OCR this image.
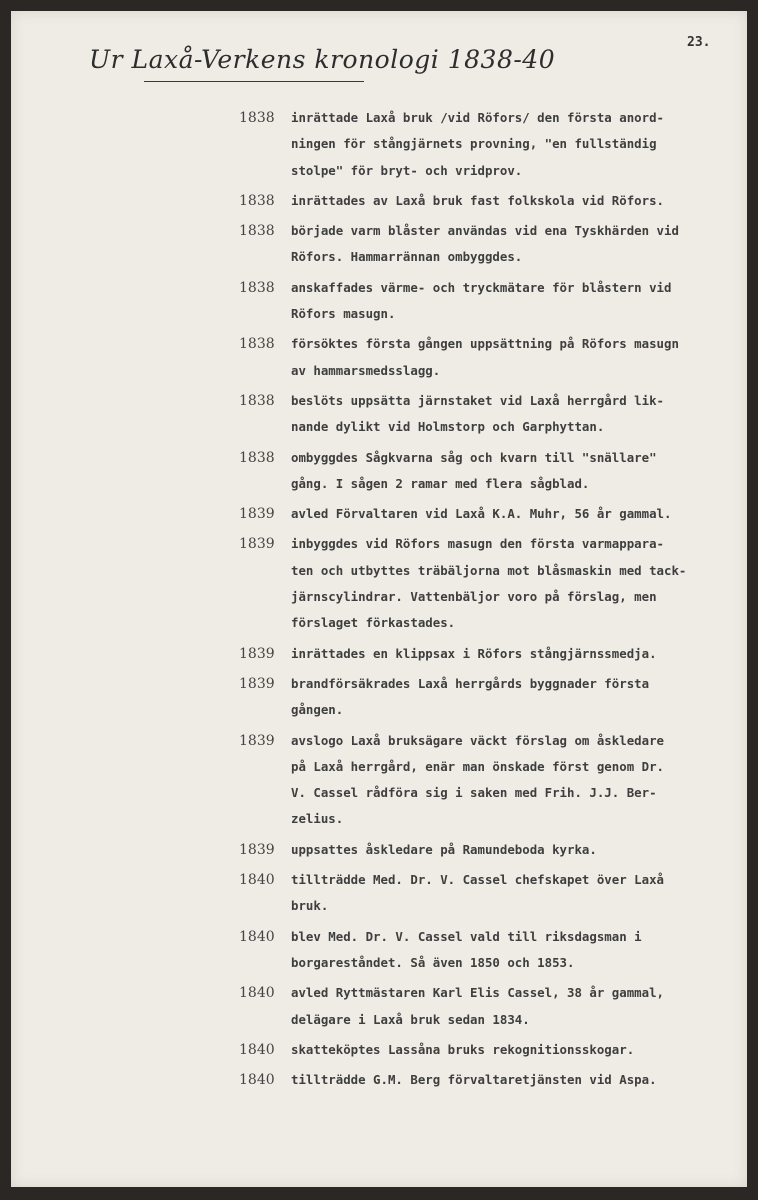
23.
Ur Laxå-Verkens kronologi 1838-40
1838 inrättade Laxå bruk /vid Röfors/ den första anord-
ningen för stångjärnets provning, "en fullständig
stolpe" för bryt- och vridprov.
1838 inrättades av Laxå bruk fast folkskola vid Röfors.
1838 började varm blåster användas vid ena Tyskhärden vid
Röfors. Hammarrännan ombyggdes.
1838 anskaffades värme- och tryckmätare för blåstern vid
Röfors masugn.
1838 försöktes första gången uppsättning på Röfors masugn
av hammarsmedsslagg.
1838 beslöts uppsätta järnstaket vid Laxå herrgård lik-
nande dylikt vid Holmstorp och Garphyttan.
1838 ombyggdes Sågkvarna såg och kvarn till "snällare"
gång. I sågen 2 ramar med flera sågblad.
1839 avled Förvaltaren vid Laxå K.A. Muhr, 56 år gammal.
1839 inbyggdes vid Röfors masugn den första varmappara-
ten och utbyttes träbäljorna mot blåsmaskin med tack-
järnscylindrar. Vattenbäljor voro på förslag, men
förslaget förkastades.
1839 inrättades en klippsax i Röfors stångjärnssmedja.
1839 brandförsäkrades Laxå herrgårds byggnader första
gången.
1839 avslogo Laxå bruksägare väckt förslag om åskledare
på Laxå herrgård, enär man önskade först genom Dr.
V. Cassel rådföra sig i saken med Frih. J.J. Ber-
zelius.
1839 uppsattes åskledare på Ramundeboda kyrka.
1840 tillträdde Med. Dr. V. Cassel chefskapet över Laxå
bruk.
1840 blev Med. Dr. V. Cassel vald till riksdagsman i
borgareståndet. Så även 1850 och 1853.
1840 avled Ryttmästaren Karl Elis Cassel, 38 år gammal,
delägare i Laxå bruk sedan 1834.
1840 skatteköptes Lassåna bruks rekognitionsskogar.
1840 tillträdde G.M. Berg förvaltaretjänsten vid Aspa.
